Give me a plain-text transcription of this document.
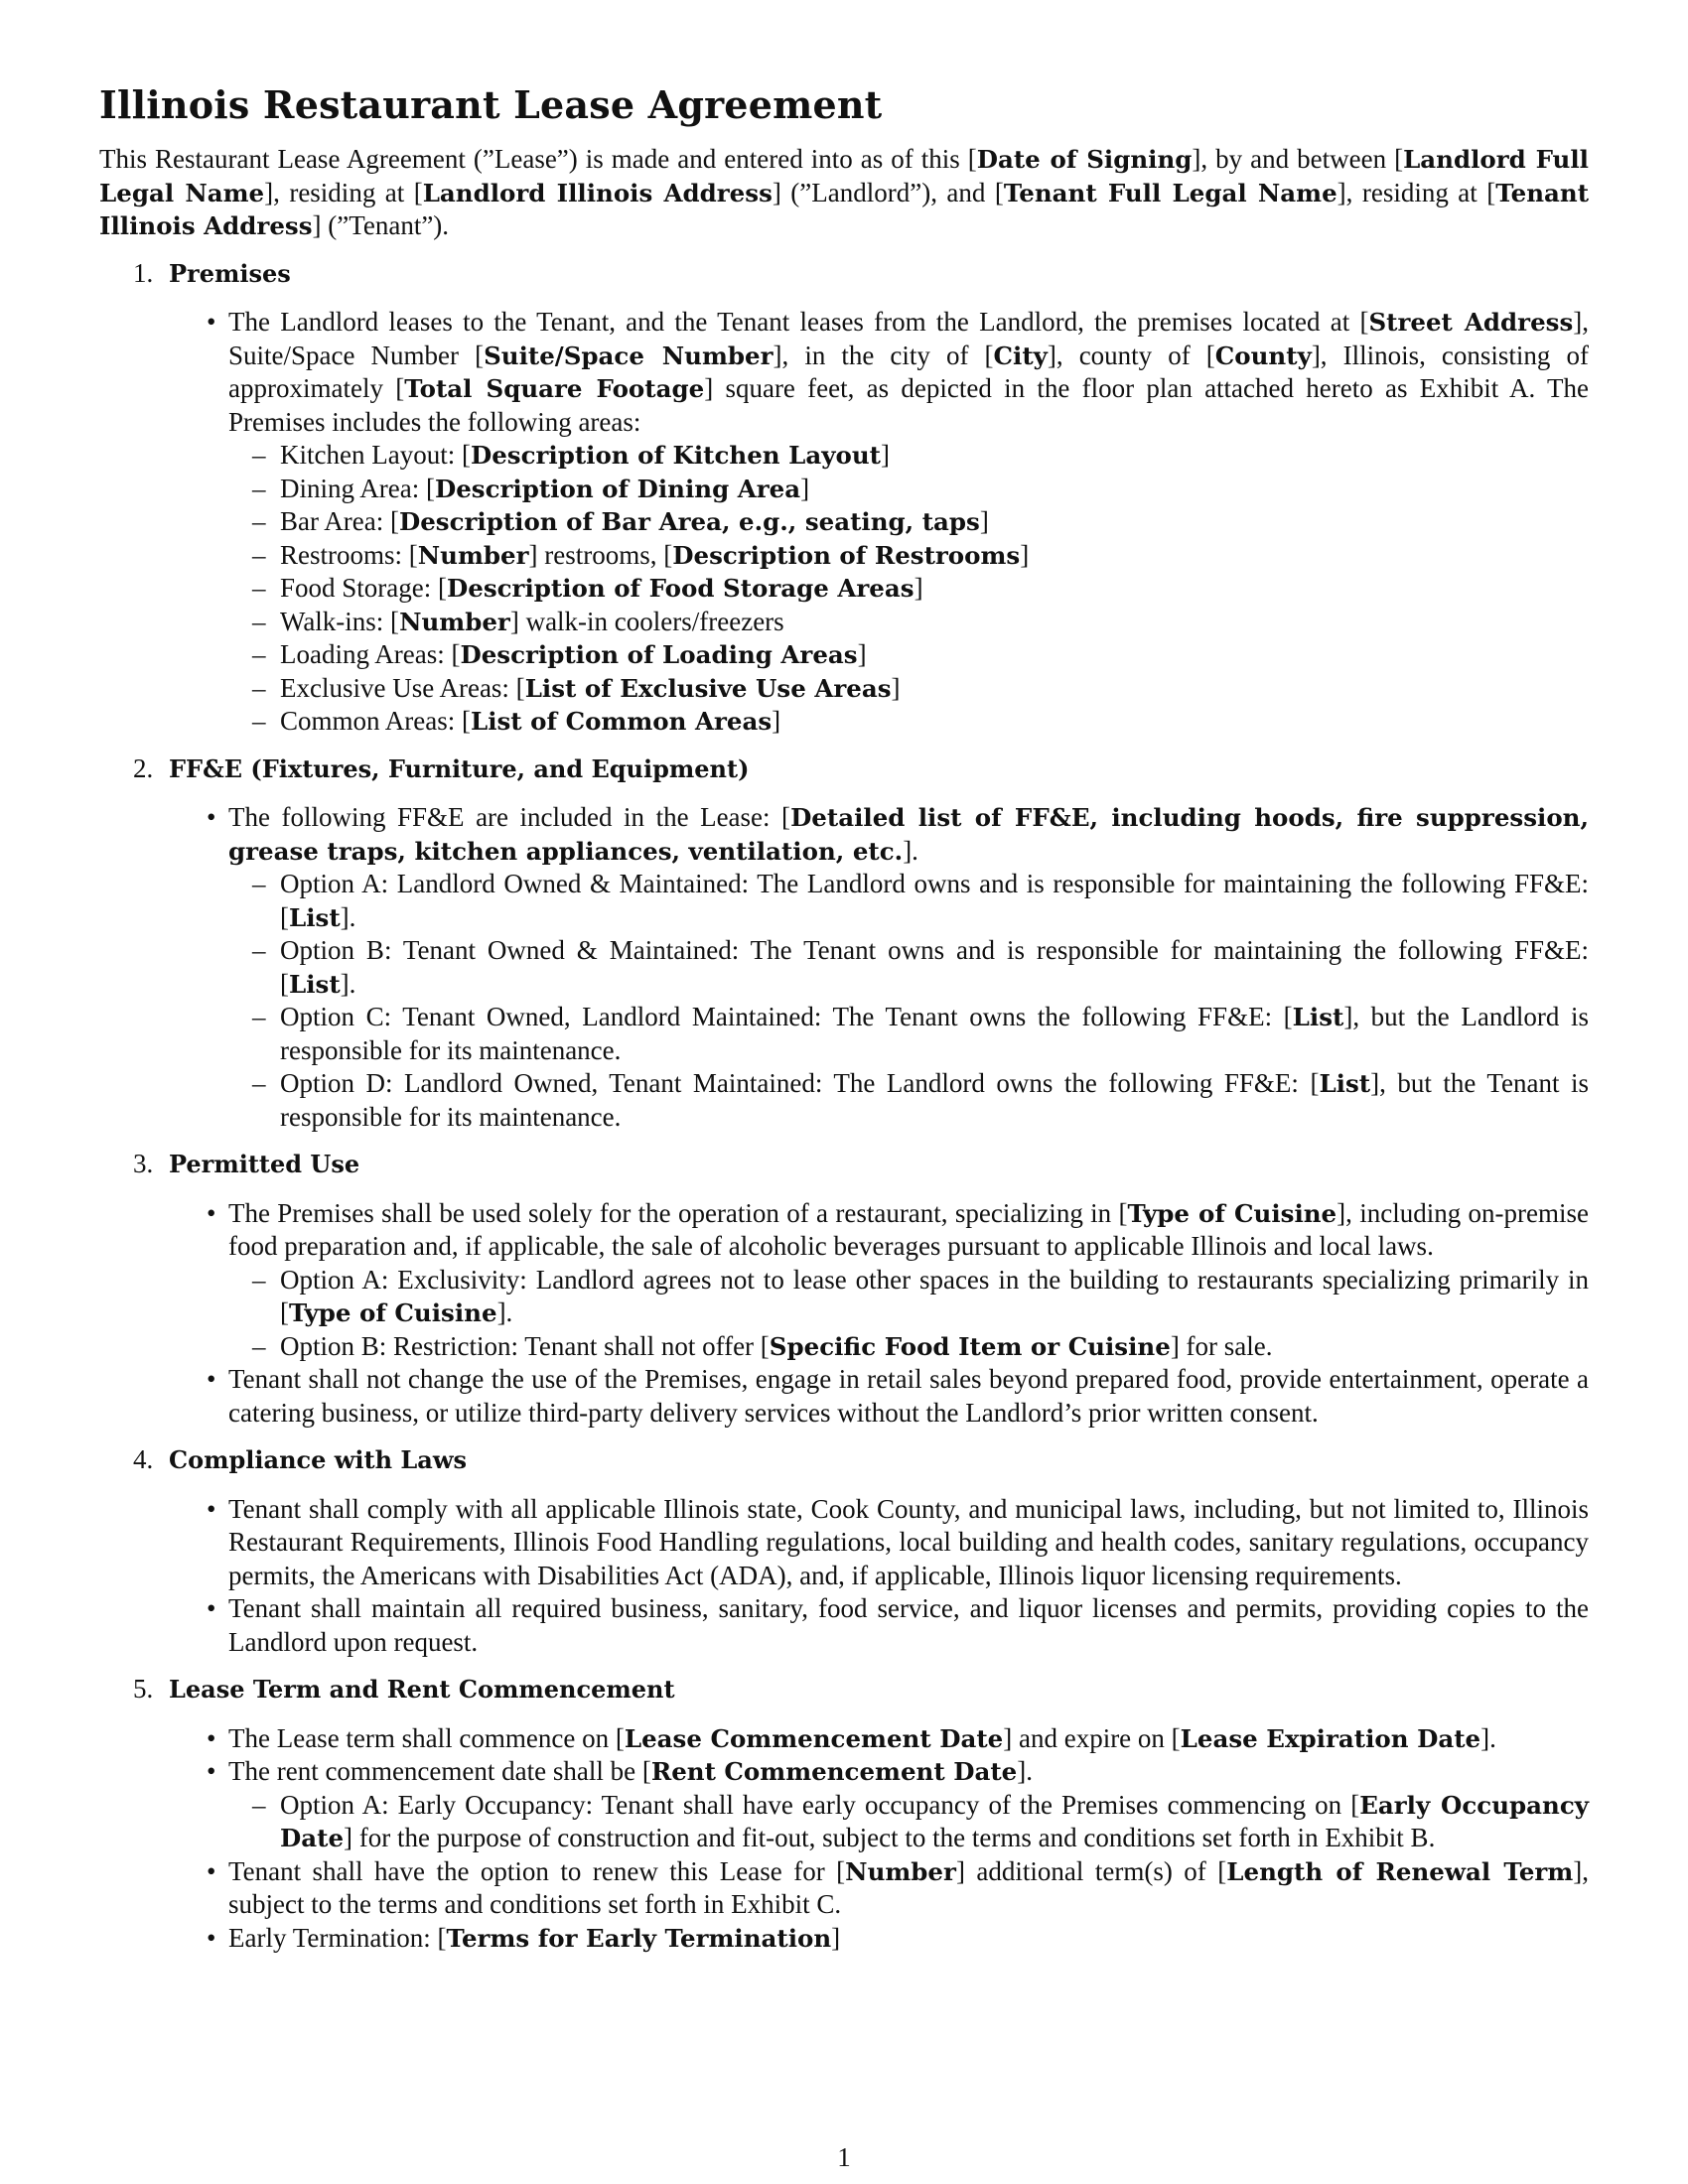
Illinois Restaurant Lease Agreement

This Restaurant Lease Agreement (”Lease”) is made and entered into as of this [Date of Signing], by and between [Landlord Full Legal Name], residing at [Landlord Illinois Address] (”Landlord”), and [Tenant Full Legal Name], residing at [Tenant Illinois Address] (”Tenant”).

1. Premises
• The Landlord leases to the Tenant, and the Tenant leases from the Landlord, the premises located at [Street Address], Suite/Space Number [Suite/Space Number], in the city of [City], county of [County], Illinois, consisting of approximately [Total Square Footage] square feet, as depicted in the floor plan attached hereto as Exhibit A. The Premises includes the following areas:
– Kitchen Layout: [Description of Kitchen Layout]
– Dining Area: [Description of Dining Area]
– Bar Area: [Description of Bar Area, e.g., seating, taps]
– Restrooms: [Number] restrooms, [Description of Restrooms]
– Food Storage: [Description of Food Storage Areas]
– Walk-ins: [Number] walk-in coolers/freezers
– Loading Areas: [Description of Loading Areas]
– Exclusive Use Areas: [List of Exclusive Use Areas]
– Common Areas: [List of Common Areas]
2. FF&E (Fixtures, Furniture, and Equipment)
• The following FF&E are included in the Lease: [Detailed list of FF&E, including hoods, fire suppression, grease traps, kitchen appliances, ventilation, etc.].
– Option A: Landlord Owned & Maintained: The Landlord owns and is responsible for maintaining the following FF&E: [List].
– Option B: Tenant Owned & Maintained: The Tenant owns and is responsible for maintaining the following FF&E: [List].
– Option C: Tenant Owned, Landlord Maintained: The Tenant owns the following FF&E: [List], but the Landlord is responsible for its maintenance.
– Option D: Landlord Owned, Tenant Maintained: The Landlord owns the following FF&E: [List], but the Tenant is responsible for its maintenance.
3. Permitted Use
• The Premises shall be used solely for the operation of a restaurant, specializing in [Type of Cuisine], including on-premise food preparation and, if applicable, the sale of alcoholic beverages pursuant to applicable Illinois and local laws.
– Option A: Exclusivity: Landlord agrees not to lease other spaces in the building to restaurants specializing primarily in [Type of Cuisine].
– Option B: Restriction: Tenant shall not offer [Specific Food Item or Cuisine] for sale.
• Tenant shall not change the use of the Premises, engage in retail sales beyond prepared food, provide entertainment, operate a catering business, or utilize third-party delivery services without the Landlord’s prior written consent.
4. Compliance with Laws
• Tenant shall comply with all applicable Illinois state, Cook County, and municipal laws, including, but not limited to, Illinois Restaurant Requirements, Illinois Food Handling regulations, local building and health codes, sanitary regulations, occupancy permits, the Americans with Disabilities Act (ADA), and, if applicable, Illinois liquor licensing requirements.
• Tenant shall maintain all required business, sanitary, food service, and liquor licenses and permits, providing copies to the Landlord upon request.
5. Lease Term and Rent Commencement
• The Lease term shall commence on [Lease Commencement Date] and expire on [Lease Expiration Date].
• The rent commencement date shall be [Rent Commencement Date].
– Option A: Early Occupancy: Tenant shall have early occupancy of the Premises commencing on [Early Occupancy Date] for the purpose of construction and fit-out, subject to the terms and conditions set forth in Exhibit B.
• Tenant shall have the option to renew this Lease for [Number] additional term(s) of [Length of Renewal Term], subject to the terms and conditions set forth in Exhibit C.
• Early Termination: [Terms for Early Termination]
1
